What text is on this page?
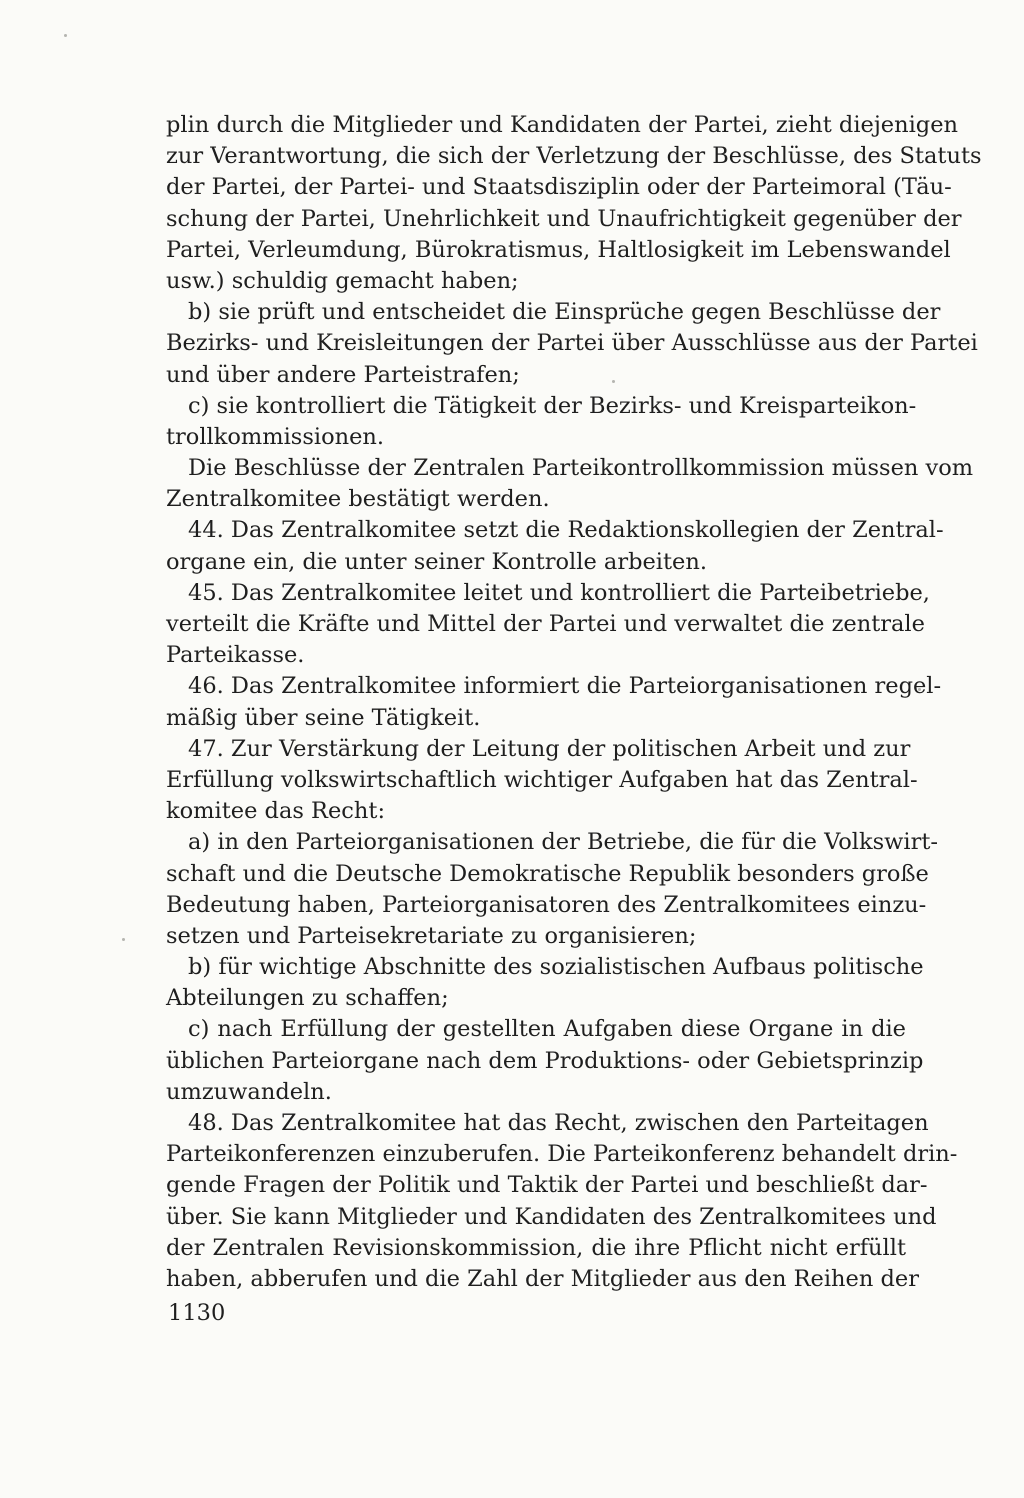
plin durch die Mitglieder und Kandidaten der Partei, zieht diejenigen
zur Verantwortung, die sich der Verletzung der Beschlüsse, des Statuts
der Partei, der Partei- und Staatsdisziplin oder der Parteimoral (Täu-
schung der Partei, Unehrlichkeit und Unaufrichtigkeit gegenüber der
Partei, Verleumdung, Bürokratismus, Haltlosigkeit im Lebenswandel
usw.) schuldig gemacht haben;
b) sie prüft und entscheidet die Einsprüche gegen Beschlüsse der
Bezirks- und Kreisleitungen der Partei über Ausschlüsse aus der Partei
und über andere Parteistrafen;
c) sie kontrolliert die Tätigkeit der Bezirks- und Kreisparteikon-
trollkommissionen.
Die Beschlüsse der Zentralen Parteikontrollkommission müssen vom
Zentralkomitee bestätigt werden.
44. Das Zentralkomitee setzt die Redaktionskollegien der Zentral-
organe ein, die unter seiner Kontrolle arbeiten.
45. Das Zentralkomitee leitet und kontrolliert die Parteibetriebe,
verteilt die Kräfte und Mittel der Partei und verwaltet die zentrale
Parteikasse.
46. Das Zentralkomitee informiert die Parteiorganisationen regel-
mäßig über seine Tätigkeit.
47. Zur Verstärkung der Leitung der politischen Arbeit und zur
Erfüllung volkswirtschaftlich wichtiger Aufgaben hat das Zentral-
komitee das Recht:
a) in den Parteiorganisationen der Betriebe, die für die Volkswirt-
schaft und die Deutsche Demokratische Republik besonders große
Bedeutung haben, Parteiorganisatoren des Zentralkomitees einzu-
setzen und Parteisekretariate zu organisieren;
b) für wichtige Abschnitte des sozialistischen Aufbaus politische
Abteilungen zu schaffen;
c) nach Erfüllung der gestellten Aufgaben diese Organe in die
üblichen Parteiorgane nach dem Produktions- oder Gebietsprinzip
umzuwandeln.
48. Das Zentralkomitee hat das Recht, zwischen den Parteitagen
Parteikonferenzen einzuberufen. Die Parteikonferenz behandelt drin-
gende Fragen der Politik und Taktik der Partei und beschließt dar-
über. Sie kann Mitglieder und Kandidaten des Zentralkomitees und
der Zentralen Revisionskommission, die ihre Pflicht nicht erfüllt
haben, abberufen und die Zahl der Mitglieder aus den Reihen der
1130
